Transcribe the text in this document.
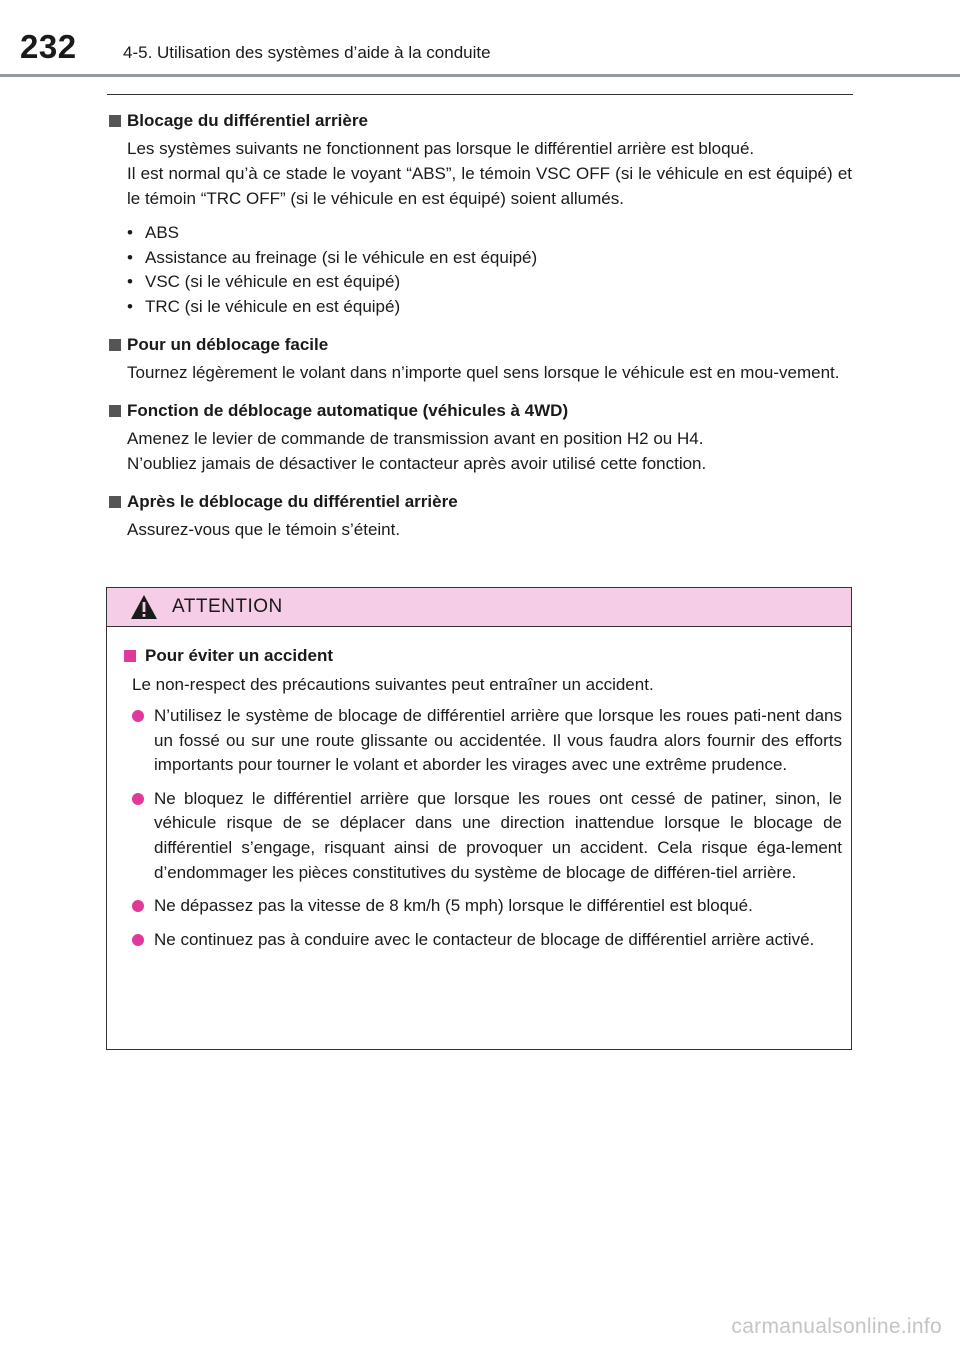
232	4-5. Utilisation des systèmes d’aide à la conduite
Blocage du différentiel arrière

Les systèmes suivants ne fonctionnent pas lorsque le différentiel arrière est bloqué.

Il est normal qu’à ce stade le voyant “ABS”, le témoin VSC OFF (si le véhicule en est équipé) et le témoin “TRC OFF” (si le véhicule en est équipé) soient allumés.

• ABS
• Assistance au freinage (si le véhicule en est équipé)
• VSC (si le véhicule en est équipé)
• TRC (si le véhicule en est équipé)
Pour un déblocage facile

Tournez légèrement le volant dans n’importe quel sens lorsque le véhicule est en mou-vement.

Fonction de déblocage automatique (véhicules à 4WD)

Amenez le levier de commande de transmission avant en position H2 ou H4.

N’oubliez jamais de désactiver le contacteur après avoir utilisé cette fonction.

Après le déblocage du différentiel arrière

Assurez-vous que le témoin s’éteint.

ATTENTION
Pour éviter un accident

Le non-respect des précautions suivantes peut entraîner un accident.

N’utilisez le système de blocage de différentiel arrière que lorsque les roues pati-nent dans un fossé ou sur une route glissante ou accidentée. Il vous faudra alors fournir des efforts importants pour tourner le volant et aborder les virages avec une extrême prudence.
Ne bloquez le différentiel arrière que lorsque les roues ont cessé de patiner, sinon, le véhicule risque de se déplacer dans une direction inattendue lorsque le blocage de différentiel s’engage, risquant ainsi de provoquer un accident. Cela risque éga-lement d’endommager les pièces constitutives du système de blocage de différen-tiel arrière.
Ne dépassez pas la vitesse de 8 km/h (5 mph) lorsque le différentiel est bloqué.
Ne continuez pas à conduire avec le contacteur de blocage de différentiel arrière activé.
carmanualsonline.info
